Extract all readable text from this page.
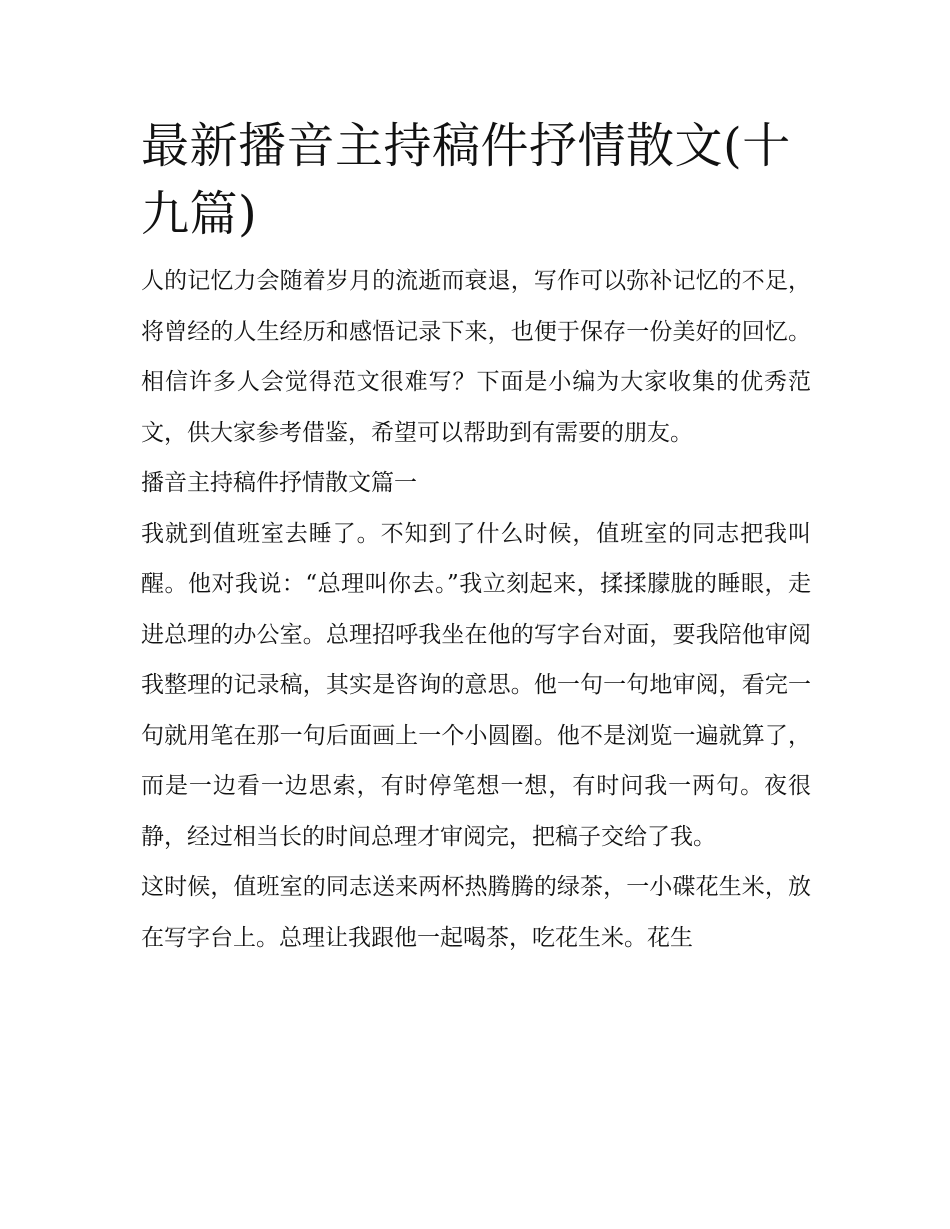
最新播音主持稿件抒情散文(十九篇)

人的记忆力会随着岁月的流逝而衰退，写作可以弥补记忆的不足，将曾经的人生经历和感悟记录下来，也便于保存一份美好的回忆。相信许多人会觉得范文很难写？下面是小编为大家收集的优秀范文，供大家参考借鉴，希望可以帮助到有需要的朋友。

播音主持稿件抒情散文篇一

我就到值班室去睡了。不知到了什么时候，值班室的同志把我叫醒。他对我说：“总理叫你去。”我立刻起来，揉揉朦胧的睡眼，走进总理的办公室。总理招呼我坐在他的写字台对面，要我陪他审阅我整理的记录稿，其实是咨询的意思。他一句一句地审阅，看完一句就用笔在那一句后面画上一个小圆圈。他不是浏览一遍就算了，而是一边看一边思索，有时停笔想一想，有时问我一两句。夜很静，经过相当长的时间总理才审阅完，把稿子交给了我。

这时候，值班室的同志送来两杯热腾腾的绿茶，一小碟花生米，放在写字台上。总理让我跟他一起喝茶，吃花生米。花生
